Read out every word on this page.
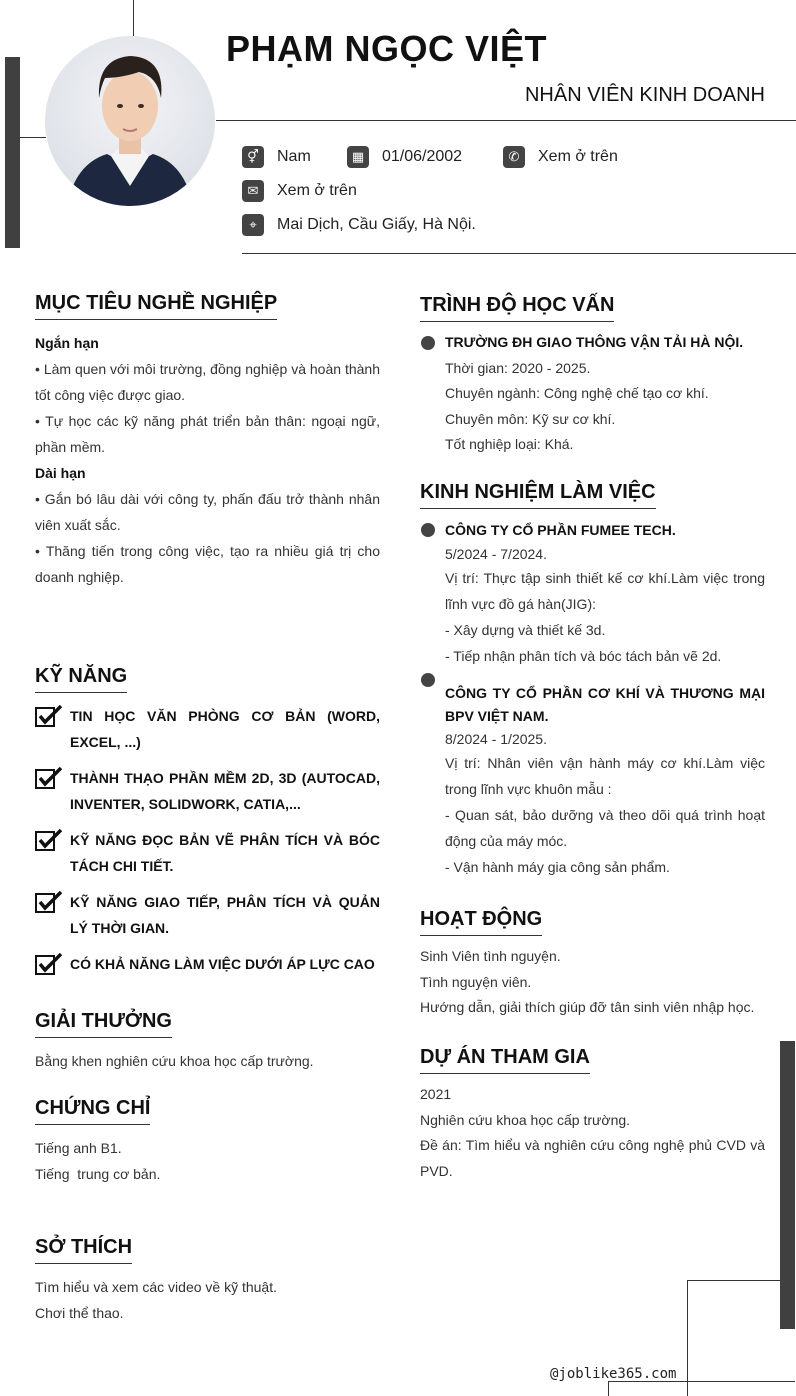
PHẠM NGỌC VIỆT
NHÂN VIÊN KINH DOANH
⚥	Nam	▦	01/06/2002	✆	Xem ở trên
✉	Xem ở trên
⌖	Mai Dịch, Cầu Giấy, Hà Nội.
MỤC TIÊU NGHỀ NGHIỆP

Ngắn hạn

• Làm quen với môi trường, đồng nghiệp và hoàn thành tốt công việc được giao.

• Tự học các kỹ năng phát triển bản thân: ngoại ngữ, phần mềm.

Dài hạn

• Gắn bó lâu dài với công ty, phấn đấu trở thành nhân viên xuất sắc.

• Thăng tiến trong công việc, tạo ra nhiều giá trị cho doanh nghiệp.

KỸ NĂNG
TIN HỌC VĂN PHÒNG CƠ BẢN (WORD, EXCEL, ...)
THÀNH THẠO PHẦN MỀM 2D, 3D (AUTOCAD, INVENTER, SOLIDWORK, CATIA,...
KỸ NĂNG ĐỌC BẢN VẼ PHÂN TÍCH VÀ BÓC TÁCH CHI TIẾT.
KỸ NĂNG GIAO TIẾP, PHÂN TÍCH VÀ QUẢN LÝ THỜI GIAN.
CÓ KHẢ NĂNG LÀM VIỆC DƯỚI ÁP LỰC CAO
GIẢI THƯỞNG

Bằng khen nghiên cứu khoa học cấp trường.

CHỨNG CHỈ

Tiếng anh B1.

Tiếng  trung cơ bản.

SỞ THÍCH

Tìm hiểu và xem các video về kỹ thuật.

Chơi thể thao.

TRÌNH ĐỘ HỌC VẤN

TRƯỜNG ĐH GIAO THÔNG VẬN TẢI HÀ NỘI.

Thời gian: 2020 - 2025.

Chuyên ngành: Công nghệ chế tạo cơ khí.

Chuyên môn: Kỹ sư cơ khí.

Tốt nghiệp loại: Khá.

KINH NGHIỆM LÀM VIỆC

CÔNG TY CỔ PHẦN FUMEE TECH.

5/2024 - 7/2024.

Vị trí: Thực tập sinh thiết kế cơ khí.Làm việc trong lĩnh vực đồ gá hàn(JIG):

- Xây dựng và thiết kế 3d.

- Tiếp nhận phân tích và bóc tách bản vẽ 2d.

CÔNG TY CỔ PHẦN CƠ KHÍ VÀ THƯƠNG MẠI BPV VIỆT NAM.

8/2024 - 1/2025.

Vị trí: Nhân viên vận hành máy cơ khí.Làm việc trong lĩnh vực khuôn mẫu :

- Quan sát, bảo dưỡng và theo dõi quá trình hoạt động của máy móc.

- Vận hành máy gia công sản phẩm.

HOẠT ĐỘNG

Sinh Viên tình nguyện.

Tình nguyện viên.

Hướng dẫn, giải thích giúp đỡ tân sinh viên nhập học.

DỰ ÁN THAM GIA

2021

Nghiên cứu khoa học cấp trường.

Đề án: Tìm hiểu và nghiên cứu công nghệ phủ CVD và PVD.

@joblike365.com
